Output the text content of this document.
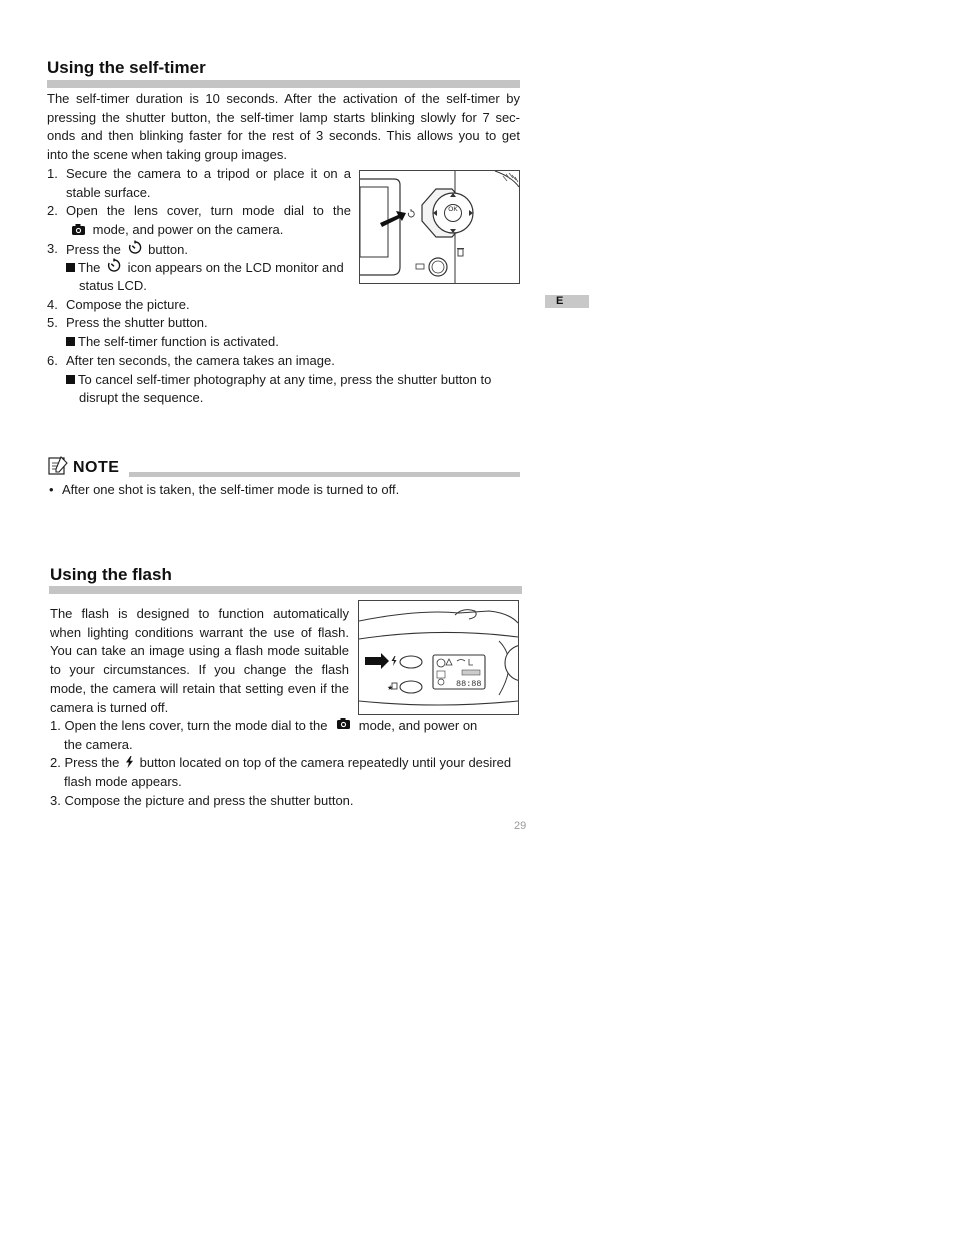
Using the self-timer
The self-timer duration is 10 seconds. After the activation of the self-timer by
pressing the shutter button, the self-timer lamp starts blinking slowly for 7 sec-
onds and then blinking faster for the rest of 3 seconds. This allows you to get
into the scene when taking group images.
1. Secure the camera to a tripod or place it on a
stable surface.
2. Open the lens cover, turn mode dial to the
mode, and power on the camera.
3. Press the button.
The icon appears on the LCD monitor and
status LCD.
4. Compose the picture.
5. Press the shutter button.
The self-timer function is activated.
6. After ten seconds, the camera takes an image.
To cancel self-timer photography at any time, press the shutter button to
disrupt the sequence.
OK
E
NOTE
• After one shot is taken, the self-timer mode is turned to off.
Using the flash
The flash is designed to function automatically
when lighting conditions warrant the use of flash.
You can take an image using a flash mode suitable
to your circumstances. If you change the flash
mode, the camera will retain that setting even if the
camera is turned off.
1. Open the lens cover, turn the mode dial to the mode, and power on
the camera.
2. Press the button located on top of the camera repeatedly until your desired
flash mode appears.
3. Compose the picture and press the shutter button.
★	88:88
29
